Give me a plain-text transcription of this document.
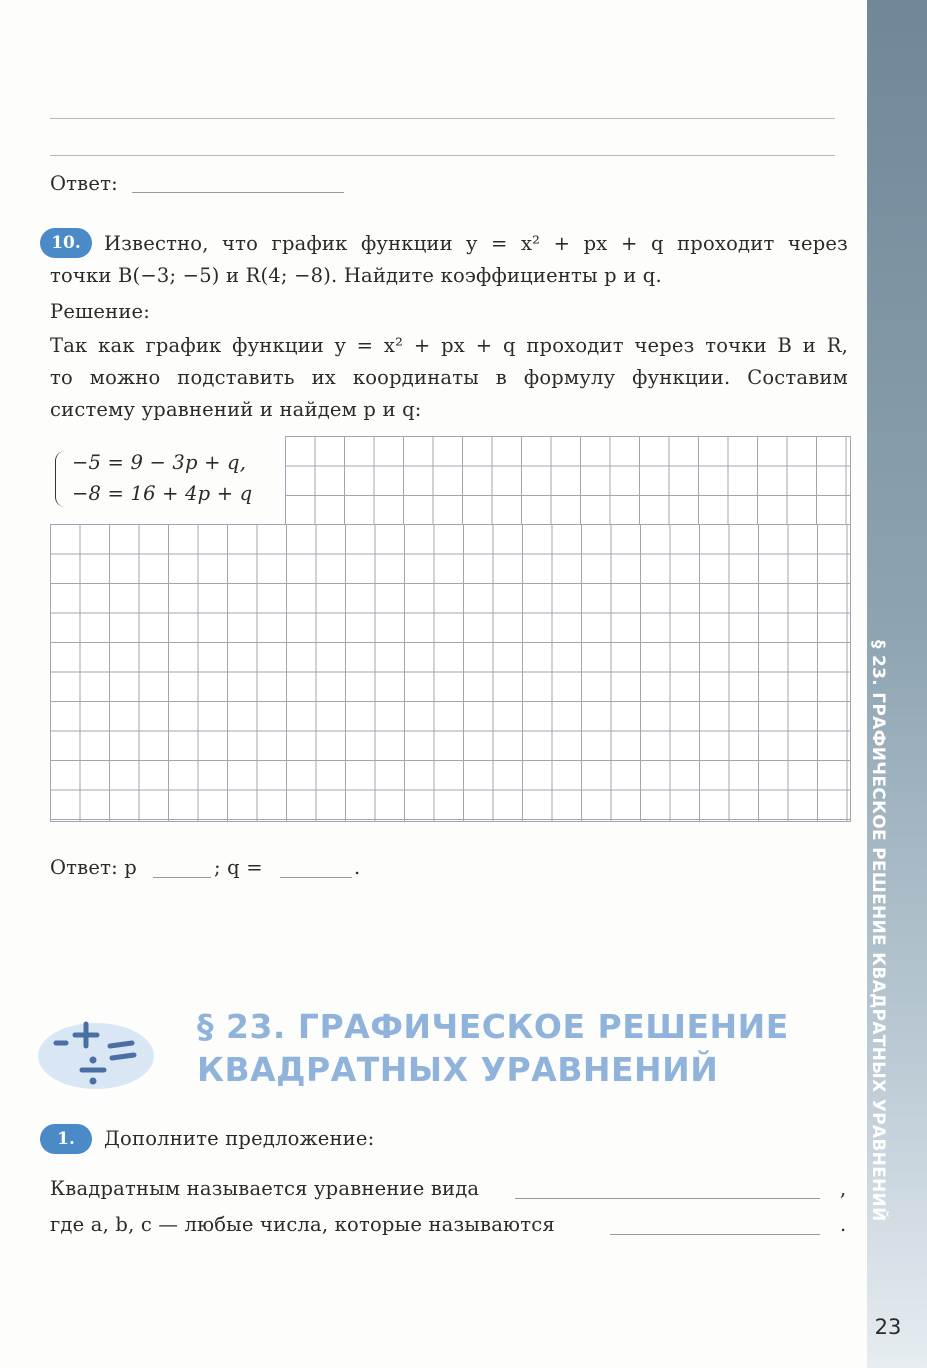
§ 23. ГРАФИЧЕСКОЕ РЕШЕНИЕ КВАДРАТНЫХ УРАВНЕНИЙ
23
Ответ:
10.	Известно, что график функции y = x² + px + q проходит через
точки B(−3; −5) и R(4; −8). Найдите коэффициенты p и q.
Решение:
Так как график функции y = x² + px + q проходит через точки B и R,
то можно подставить их координаты в формулу функции. Составим
систему уравнений и найдем p и q:
−5 = 9 − 3p + q,
−8 = 16 + 4p + q
Ответ: p	; q =	.
§ 23. ГРАФИЧЕСКОЕ РЕШЕНИЕ
КВАДРАТНЫХ УРАВНЕНИЙ
1.	Дополните предложение:
Квадратным называется уравнение вида	,
где a, b, c — любые числа, которые называются	.
